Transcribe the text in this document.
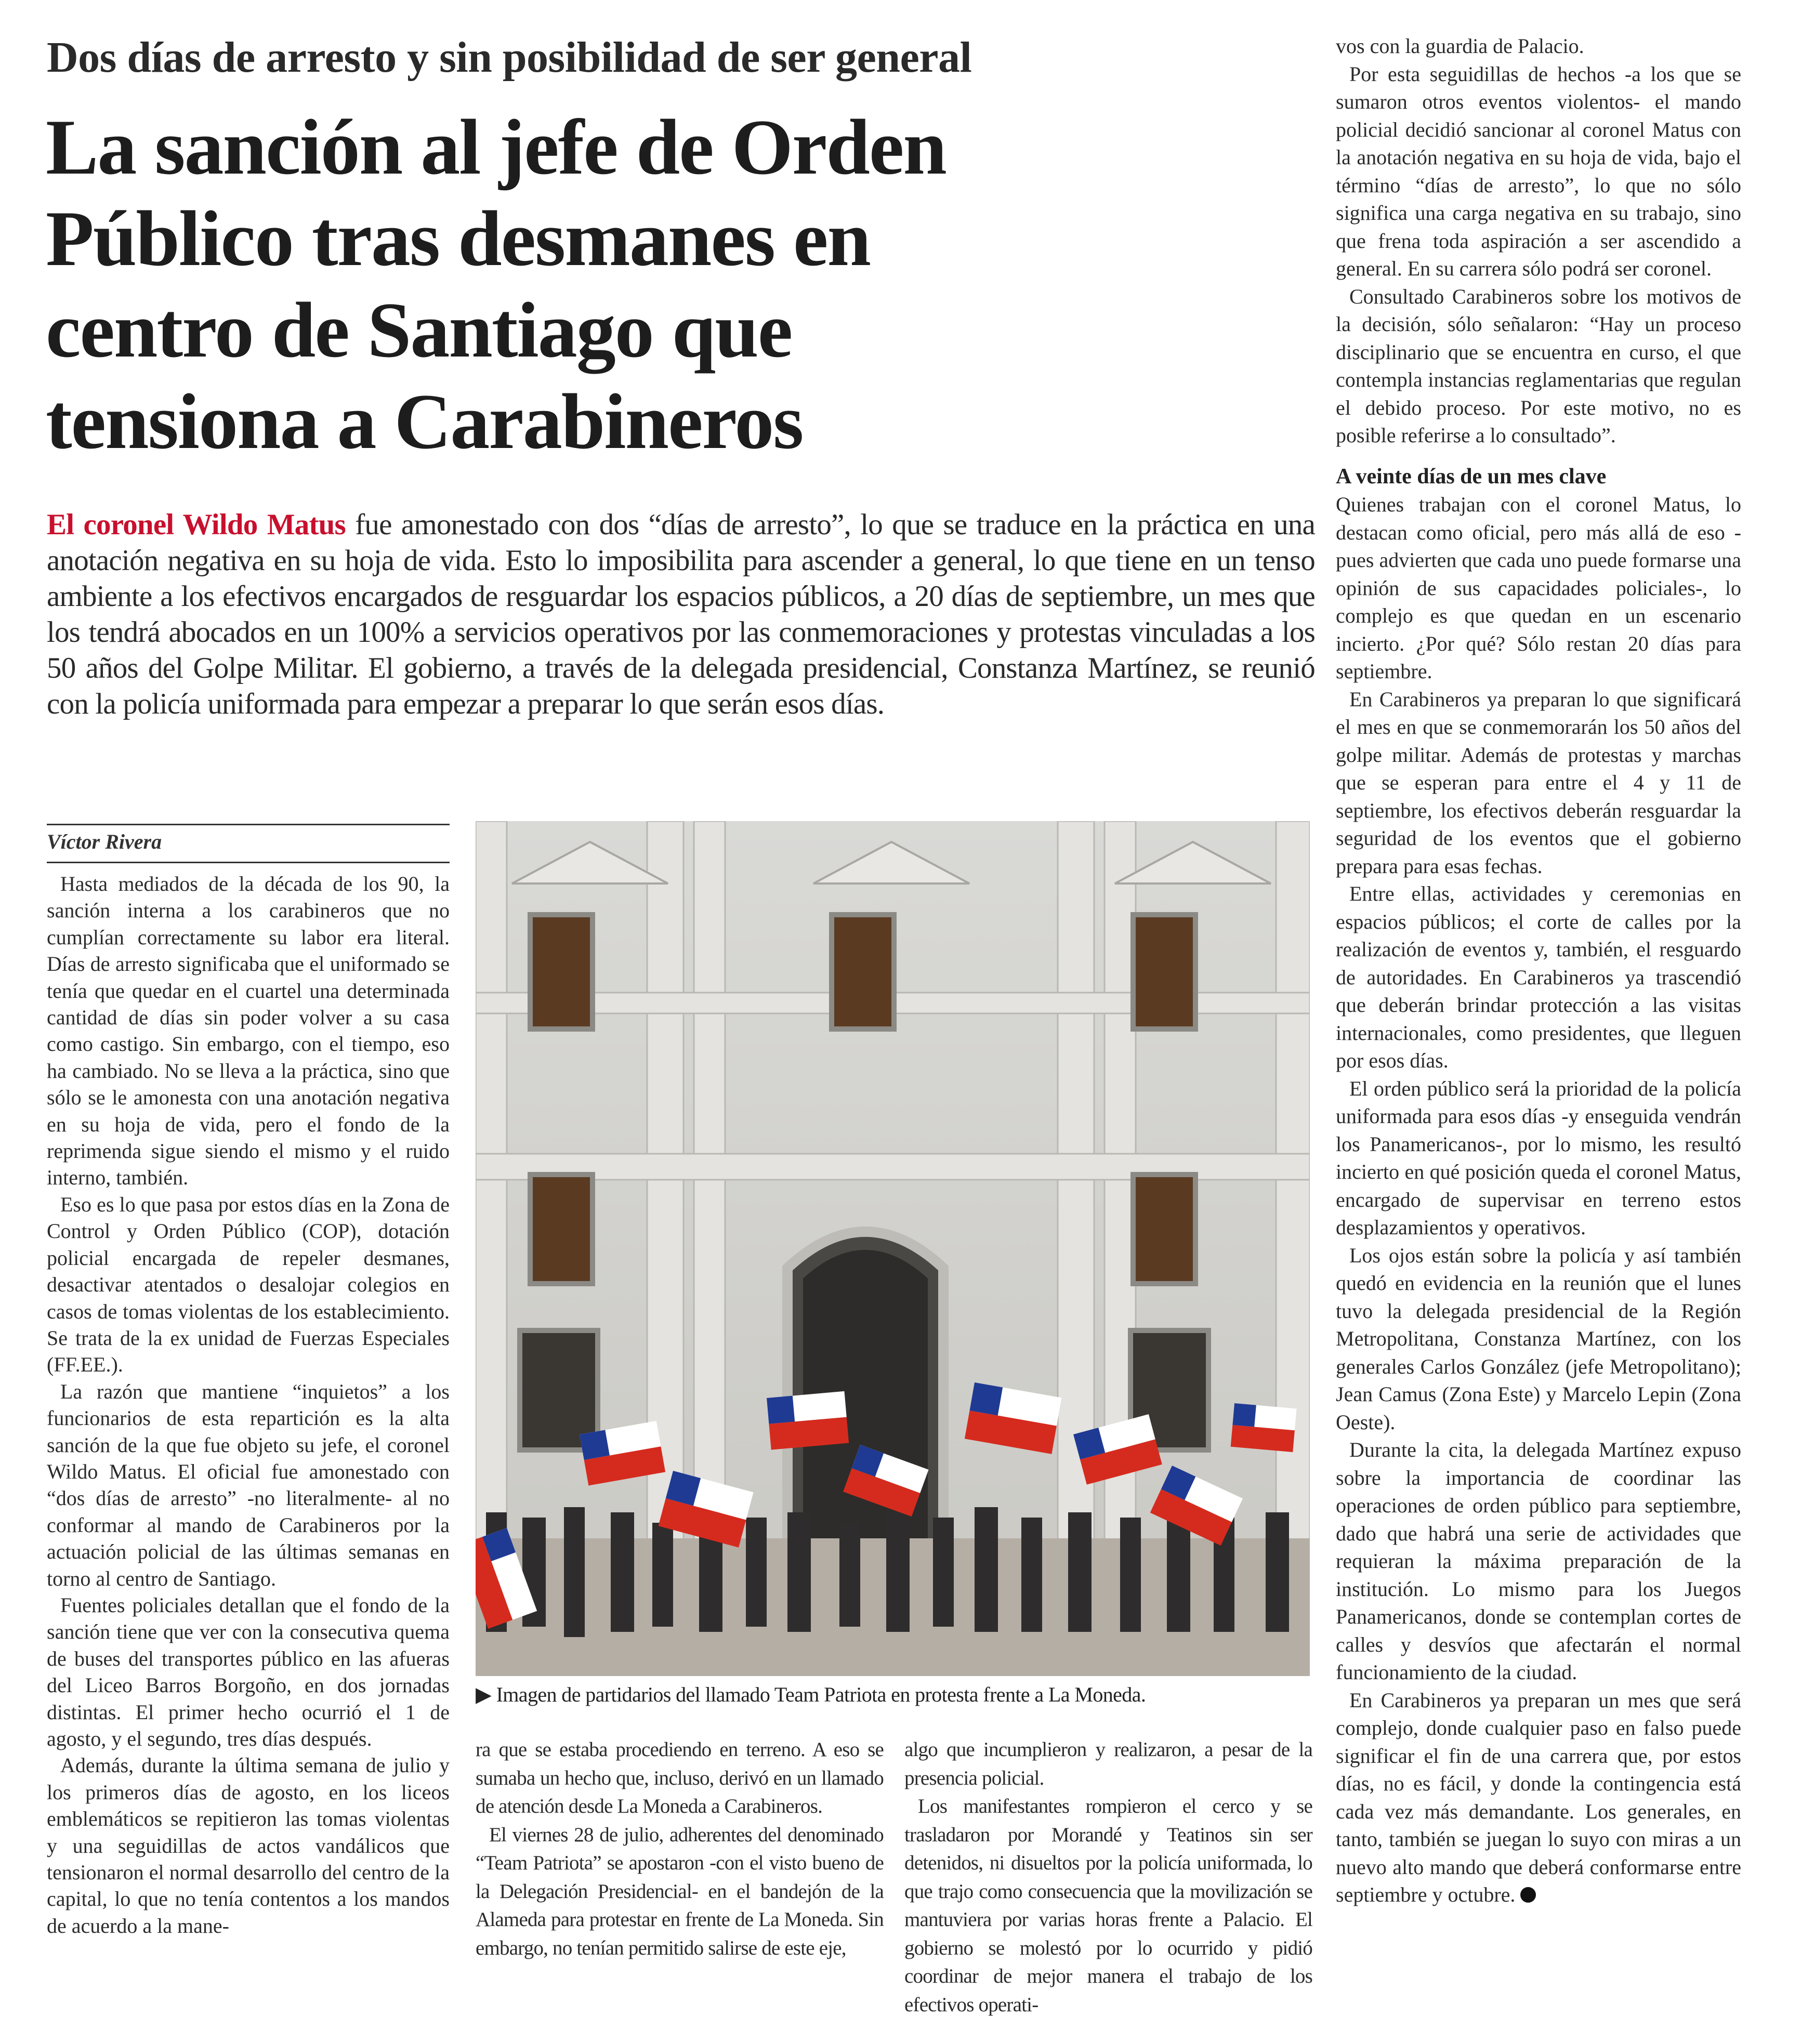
Dos días de arresto y sin posibilidad de ser general
La sanción al jefe de Orden
Público tras desmanes en
centro de Santiago que
tensiona a Carabineros
El coronel Wildo Matus fue amonestado con dos “días de arresto”, lo que se traduce en la práctica en una anotación negativa en su hoja de vida. Esto lo imposibilita para ascender a general, lo que tiene en un tenso ambiente a los efectivos encargados de resguardar los espacios públicos, a 20 días de septiembre, un mes que los tendrá abocados en un 100% a servicios operativos por las conmemoraciones y protestas vinculadas a los 50 años del Golpe Militar. El gobierno, a través de la delegada presidencial, Constanza Martínez, se reunió con la policía uniformada para empezar a preparar lo que serán esos días.
Víctor Rivera

Hasta mediados de la década de los 90, la sanción interna a los carabineros que no cumplían correctamente su labor era literal. Días de arresto significaba que el uniformado se tenía que quedar en el cuartel una determinada cantidad de días sin poder volver a su casa como castigo. Sin embargo, con el tiempo, eso ha cambiado. No se lleva a la práctica, sino que sólo se le amonesta con una anotación negativa en su hoja de vida, pero el fondo de la reprimenda sigue siendo el mismo y el ruido interno, también.

Eso es lo que pasa por estos días en la Zona de Control y Orden Público (COP), dotación policial encargada de repeler desmanes, desactivar atentados o desalojar colegios en casos de tomas violentas de los establecimiento. Se trata de la ex unidad de Fuerzas Especiales (FF.EE.).

La razón que mantiene “inquietos” a los funcionarios de esta repartición es la alta sanción de la que fue objeto su jefe, el coronel Wildo Matus. El oficial fue amonestado con “dos días de arresto” -no literalmente- al no conformar al mando de Carabineros por la actuación policial de las últimas semanas en torno al centro de Santiago.

Fuentes policiales detallan que el fondo de la sanción tiene que ver con la consecutiva quema de buses del transportes público en las afueras del Liceo Barros Borgoño, en dos jornadas distintas. El primer hecho ocurrió el 1 de agosto, y el segundo, tres días después.

Además, durante la última semana de julio y los primeros días de agosto, en los liceos emblemáticos se repitieron las tomas violentas y una seguidillas de actos vandálicos que tensionaron el normal desarrollo del centro de la capital, lo que no tenía contentos a los mandos de acuerdo a la mane-

▶ Imagen de partidarios del llamado Team Patriota en protesta frente a La Moneda.

ra que se estaba procediendo en terreno. A eso se sumaba un hecho que, incluso, derivó en un llamado de atención desde La Moneda a Carabineros.

El viernes 28 de julio, adherentes del denominado “Team Patriota” se apostaron -con el visto bueno de la Delegación Presidencial- en el bandejón de la Alameda para protestar en frente de La Moneda. Sin embargo, no tenían permitido salirse de este eje,

algo que incumplieron y realizaron, a pesar de la presencia policial.

Los manifestantes rompieron el cerco y se trasladaron por Morandé y Teatinos sin ser detenidos, ni disueltos por la policía uniformada, lo que trajo como consecuencia que la movilización se mantuviera por varias horas frente a Palacio. El gobierno se molestó por lo ocurrido y pidió coordinar de mejor manera el trabajo de los efectivos operati-

vos con la guardia de Palacio.

Por esta seguidillas de hechos -a los que se sumaron otros eventos violentos- el mando policial decidió sancionar al coronel Matus con la anotación negativa en su hoja de vida, bajo el término “días de arresto”, lo que no sólo significa una carga negativa en su trabajo, sino que frena toda aspiración a ser ascendido a general. En su carrera sólo podrá ser coronel.

Consultado Carabineros sobre los motivos de la decisión, sólo señalaron: “Hay un proceso disciplinario que se encuentra en curso, el que contempla instancias reglamentarias que regulan el debido proceso. Por este motivo, no es posible referirse a lo consultado”.

A veinte días de un mes clave

Quienes trabajan con el coronel Matus, lo destacan como oficial, pero más allá de eso -pues advierten que cada uno puede formarse una opinión de sus capacidades policiales-, lo complejo es que quedan en un escenario incierto. ¿Por qué? Sólo restan 20 días para septiembre.

En Carabineros ya preparan lo que significará el mes en que se conmemorarán los 50 años del golpe militar. Además de protestas y marchas que se esperan para entre el 4 y 11 de septiembre, los efectivos deberán resguardar la seguridad de los eventos que el gobierno prepara para esas fechas.

Entre ellas, actividades y ceremonias en espacios públicos; el corte de calles por la realización de eventos y, también, el resguardo de autoridades. En Carabineros ya trascendió que deberán brindar protección a las visitas internacionales, como presidentes, que lleguen por esos días.

El orden público será la prioridad de la policía uniformada para esos días -y enseguida vendrán los Panamericanos-, por lo mismo, les resultó incierto en qué posición queda el coronel Matus, encargado de supervisar en terreno estos desplazamientos y operativos.

Los ojos están sobre la policía y así también quedó en evidencia en la reunión que el lunes tuvo la delegada presidencial de la Región Metropolitana, Constanza Martínez, con los generales Carlos González (jefe Metropolitano); Jean Camus (Zona Este) y Marcelo Lepin (Zona Oeste).

Durante la cita, la delegada Martínez expuso sobre la importancia de coordinar las operaciones de orden público para septiembre, dado que habrá una serie de actividades que requieran la máxima preparación de la institución. Lo mismo para los Juegos Panamericanos, donde se contemplan cortes de calles y desvíos que afectarán el normal funcionamiento de la ciudad.

En Carabineros ya preparan un mes que será complejo, donde cualquier paso en falso puede significar el fin de una carrera que, por estos días, no es fácil, y donde la contingencia está cada vez más demandante. Los generales, en tanto, también se juegan lo suyo con miras a un nuevo alto mando que deberá conformarse entre septiembre y octubre.
